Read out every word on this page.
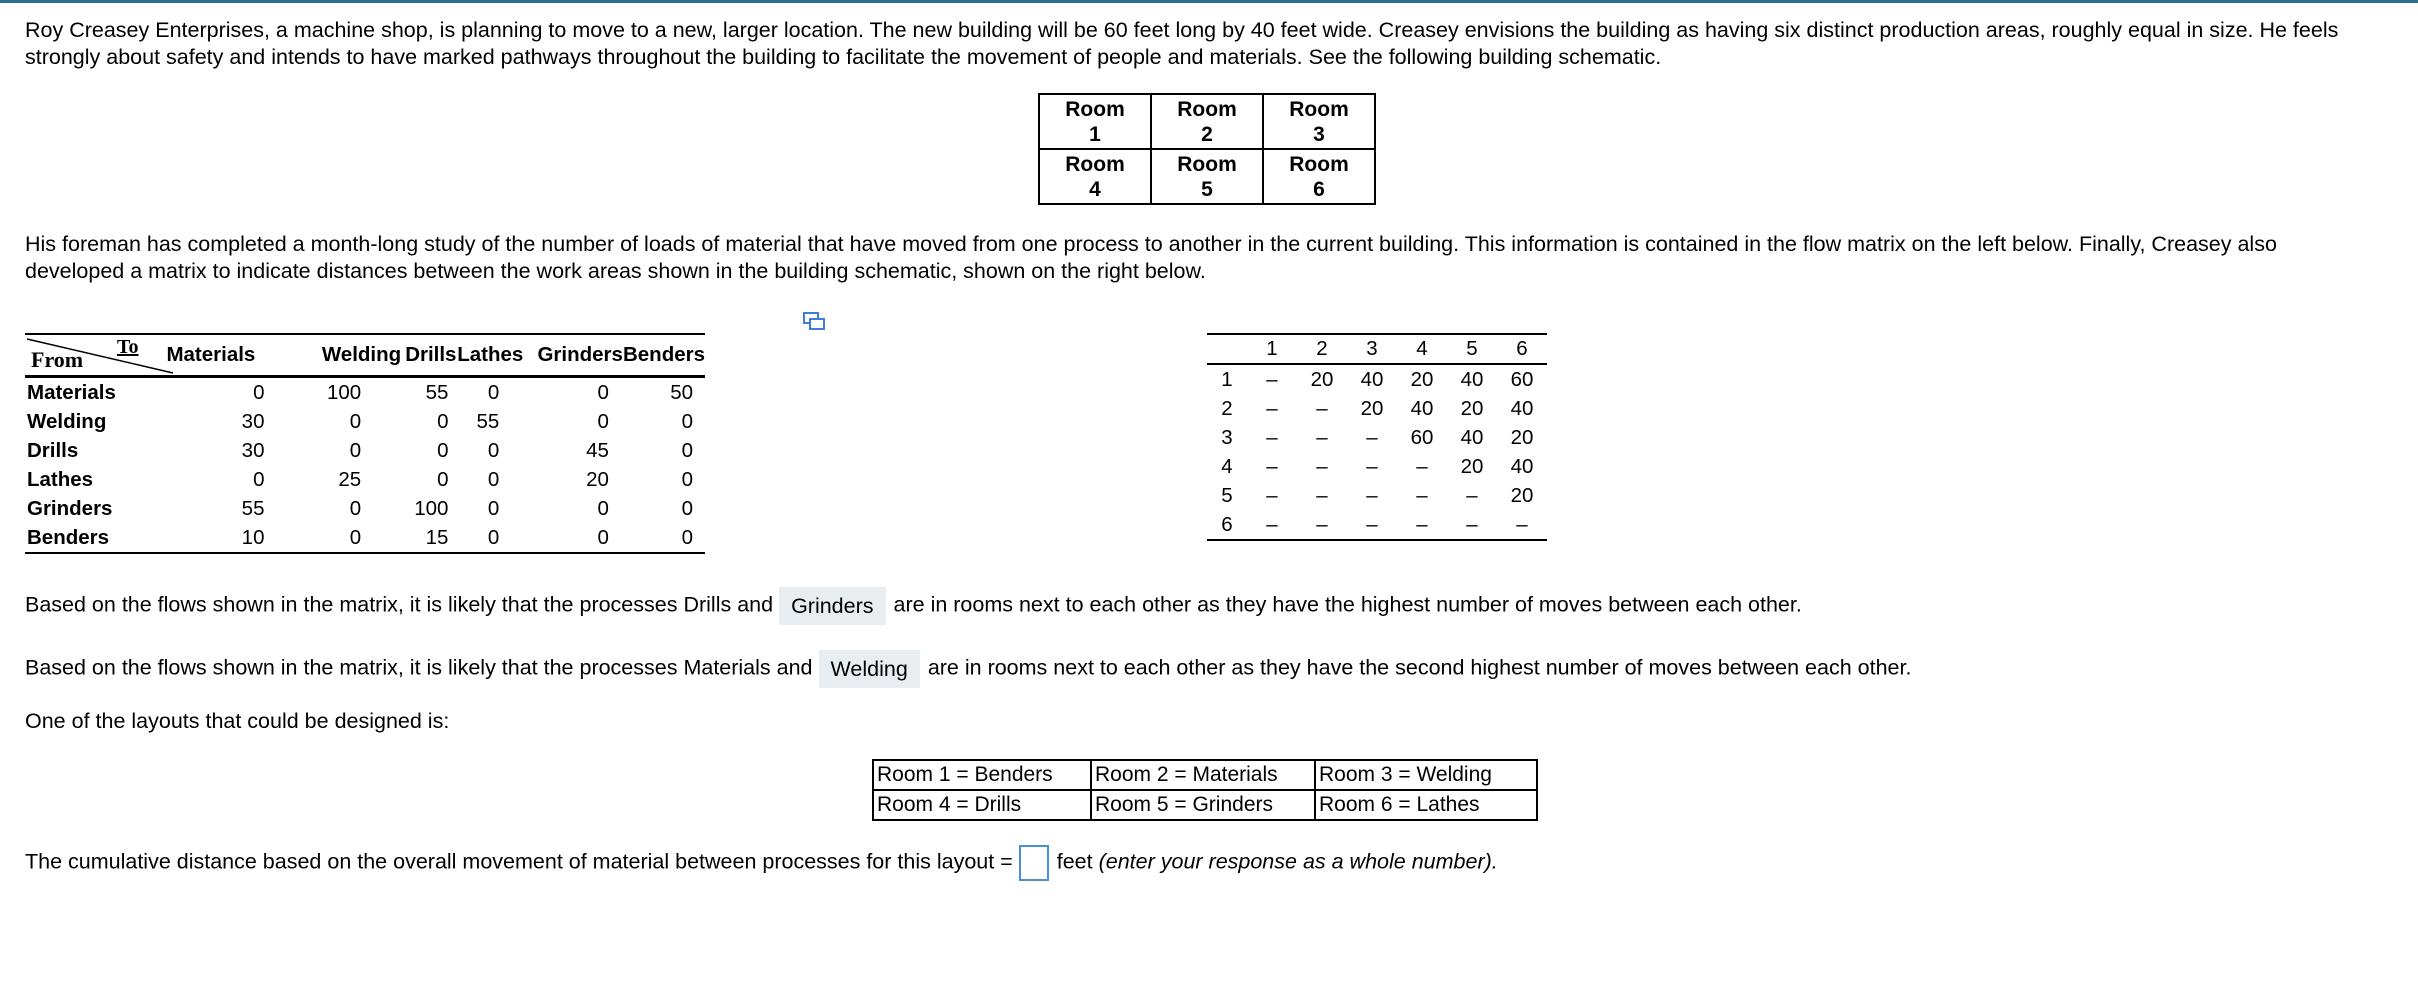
Roy Creasey Enterprises, a machine shop, is planning to move to a new, larger location. The new building will be 60 feet long by 40 feet wide. Creasey envisions the building as having six distinct production areas, roughly equal in size. He feels strongly about safety and intends to have marked pathways throughout the building to facilitate the movement of people and materials. See the following building schematic.

Room
1	Room
2	Room
3
Room
4	Room
5	Room
6

His foreman has completed a month-long study of the number of loads of material that have moved from one process to another in the current building. This information is contained in the flow matrix on the left below. Finally, Creasey also developed a matrix to indicate distances between the work areas shown in the building schematic, shown on the right below.

From To	Materials	Welding	Drills	Lathes	Grinders	Benders
Materials	0	100	55	0	0	50
Welding	30	0	0	55	0	0
Drills	30	0	0	0	45	0
Lathes	0	25	0	0	20	0
Grinders	55	0	100	0	0	0
Benders	10	0	15	0	0	0
	1	2	3	4	5	6
1	–	20	40	20	40	60
2	–	–	20	40	20	40
3	–	–	–	60	40	20
4	–	–	–	–	20	40
5	–	–	–	–	–	20
6	–	–	–	–	–	–
Based on the flows shown in the matrix, it is likely that the processes Drills and Grinders are in rooms next to each other as they have the highest number of moves between each other.
Based on the flows shown in the matrix, it is likely that the processes Materials and Welding are in rooms next to each other as they have the second highest number of moves between each other.
One of the layouts that could be designed is:
Room 1 = Benders	Room 2 = Materials	Room 3 = Welding
Room 4 = Drills	Room 5 = Grinders	Room 6 = Lathes
The cumulative distance based on the overall movement of material between processes for this layout = feet (enter your response as a whole number).
